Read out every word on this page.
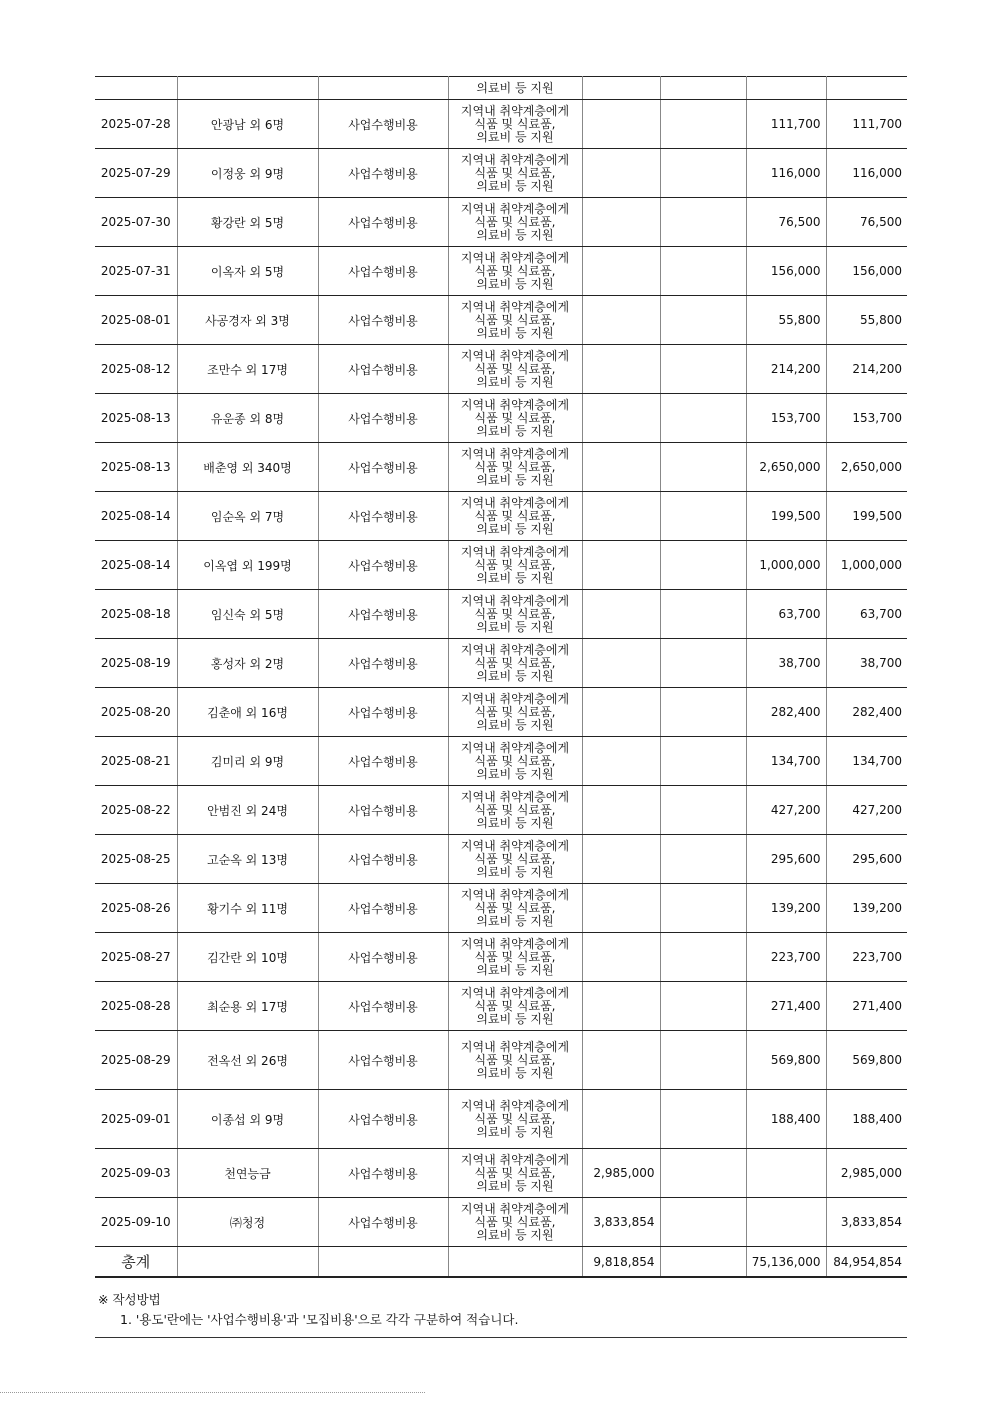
			의료비 등 지원				

2025-07-28	안광남 외 6명	사업수행비용	지역내 취약계층에게
식품 및 식료품,
의료비 등 지원			111,700	111,700
2025-07-29	이정웅 외 9명	사업수행비용	지역내 취약계층에게
식품 및 식료품,
의료비 등 지원			116,000	116,000
2025-07-30	황강란 외 5명	사업수행비용	지역내 취약계층에게
식품 및 식료품,
의료비 등 지원			76,500	76,500
2025-07-31	이옥자 외 5명	사업수행비용	지역내 취약계층에게
식품 및 식료품,
의료비 등 지원			156,000	156,000
2025-08-01	사공경자 외 3명	사업수행비용	지역내 취약계층에게
식품 및 식료품,
의료비 등 지원			55,800	55,800
2025-08-12	조만수 외 17명	사업수행비용	지역내 취약계층에게
식품 및 식료품,
의료비 등 지원			214,200	214,200
2025-08-13	유운종 외 8명	사업수행비용	지역내 취약계층에게
식품 및 식료품,
의료비 등 지원			153,700	153,700
2025-08-13	배춘영 외 340명	사업수행비용	지역내 취약계층에게
식품 및 식료품,
의료비 등 지원			2,650,000	2,650,000
2025-08-14	임순옥 외 7명	사업수행비용	지역내 취약계층에게
식품 및 식료품,
의료비 등 지원			199,500	199,500
2025-08-14	이옥엽 외 199명	사업수행비용	지역내 취약계층에게
식품 및 식료품,
의료비 등 지원			1,000,000	1,000,000
2025-08-18	임신숙 외 5명	사업수행비용	지역내 취약계층에게
식품 및 식료품,
의료비 등 지원			63,700	63,700
2025-08-19	홍성자 외 2명	사업수행비용	지역내 취약계층에게
식품 및 식료품,
의료비 등 지원			38,700	38,700
2025-08-20	김춘애 외 16명	사업수행비용	지역내 취약계층에게
식품 및 식료품,
의료비 등 지원			282,400	282,400
2025-08-21	김미리 외 9명	사업수행비용	지역내 취약계층에게
식품 및 식료품,
의료비 등 지원			134,700	134,700
2025-08-22	안범진 외 24명	사업수행비용	지역내 취약계층에게
식품 및 식료품,
의료비 등 지원			427,200	427,200
2025-08-25	고순옥 외 13명	사업수행비용	지역내 취약계층에게
식품 및 식료품,
의료비 등 지원			295,600	295,600
2025-08-26	황기수 외 11명	사업수행비용	지역내 취약계층에게
식품 및 식료품,
의료비 등 지원			139,200	139,200
2025-08-27	김간란 외 10명	사업수행비용	지역내 취약계층에게
식품 및 식료품,
의료비 등 지원			223,700	223,700
2025-08-28	최순용 외 17명	사업수행비용	지역내 취약계층에게
식품 및 식료품,
의료비 등 지원			271,400	271,400
2025-08-29	전옥선 외 26명	사업수행비용	지역내 취약계층에게
식품 및 식료품,
의료비 등 지원			569,800	569,800
2025-09-01	이종섭 외 9명	사업수행비용	지역내 취약계층에게
식품 및 식료품,
의료비 등 지원			188,400	188,400
2025-09-03	천연능금	사업수행비용	지역내 취약계층에게
식품 및 식료품,
의료비 등 지원	2,985,000			2,985,000
2025-09-10	㈜청정	사업수행비용	지역내 취약계층에게
식품 및 식료품,
의료비 등 지원	3,833,854			3,833,854
총계				9,818,854		75,136,000	84,954,854
※ 작성방법
1. '용도'란에는 '사업수행비용'과 '모집비용'으로 각각 구분하여 적습니다.
